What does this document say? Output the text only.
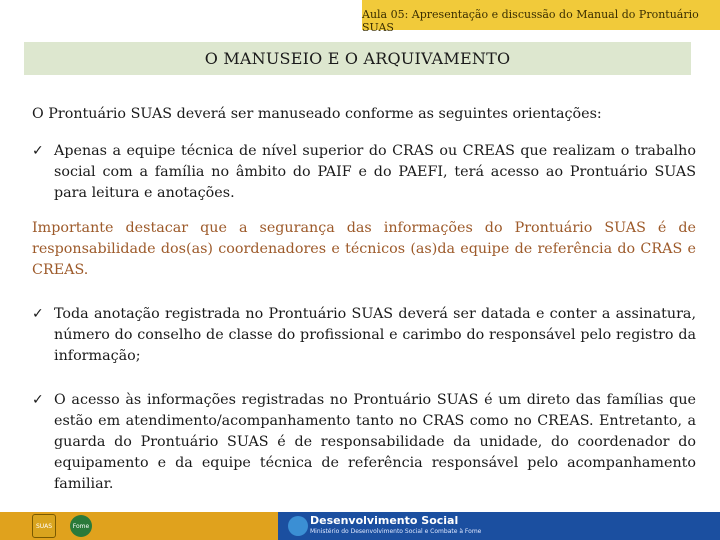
Aula 05: Apresentação e discussão do Manual do Prontuário SUAS
O MANUSEIO E O ARQUIVAMENTO

O Prontuário SUAS deverá ser manuseado conforme as seguintes orientações:

✓ Apenas a equipe técnica de nível superior do CRAS ou CREAS que realizam o trabalho social com a família no âmbito do PAIF e do PAEFI, terá acesso ao Prontuário SUAS para leitura e anotações.

Importante destacar que a segurança das informações do Prontuário SUAS é de responsabilidade dos(as) coordenadores e técnicos (as)da equipe de referência do CRAS e CREAS.

✓ Toda anotação registrada no Prontuário SUAS deverá ser datada e conter a assinatura, número do conselho de classe do profissional e carimbo do responsável pelo registro da informação;

✓ O acesso às informações registradas no Prontuário SUAS é um direto das famílias que estão em atendimento/acompanhamento tanto no CRAS como no CREAS. Entretanto, a guarda do Prontuário SUAS é de responsabilidade da unidade, do coordenador do equipamento e da equipe técnica de referência responsável pelo acompanhamento familiar.

SUAS	Fome	Desenvolvimento Social
Ministério do Desenvolvimento Social e Combate à Fome
